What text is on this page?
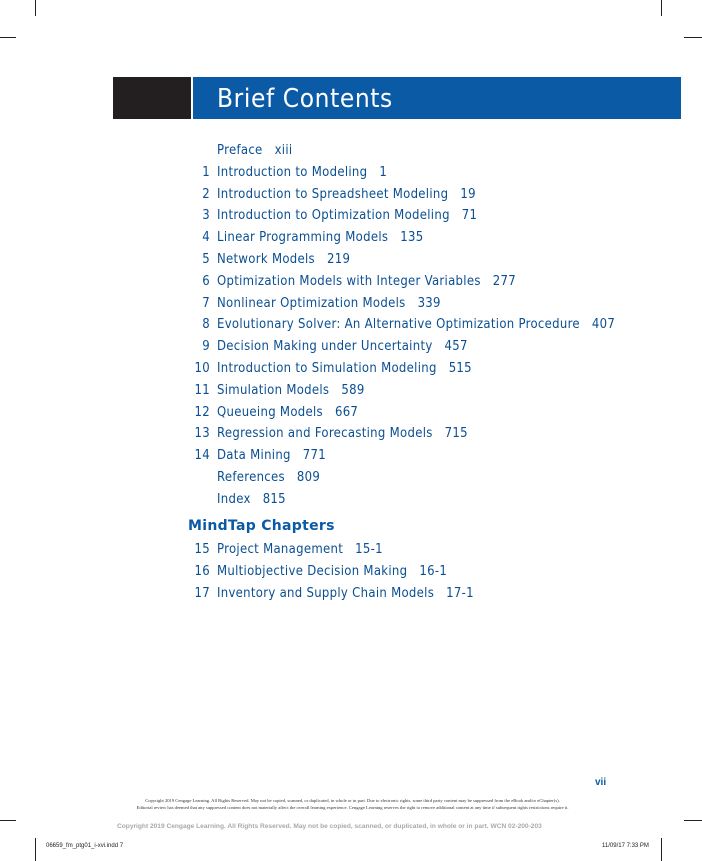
Brief Contents
Preface xiii
1 Introduction to Modeling 1
2 Introduction to Spreadsheet Modeling 19
3 Introduction to Optimization Modeling 71
4 Linear Programming Models 135
5 Network Models 219
6 Optimization Models with Integer Variables 277
7 Nonlinear Optimization Models 339
8 Evolutionary Solver: An Alternative Optimization Procedure 407
9 Decision Making under Uncertainty 457
10 Introduction to Simulation Modeling 515
11 Simulation Models 589
12 Queueing Models 667
13 Regression and Forecasting Models 715
14 Data Mining 771
References 809
Index 815
MindTap Chapters
15 Project Management 15-1
16 Multiobjective Decision Making 16-1
17 Inventory and Supply Chain Models 17-1
vii
Copyright 2019 Cengage Learning. All Rights Reserved. May not be copied, scanned, or duplicated, in whole or in part. Due to electronic rights, some third party content may be suppressed from the eBook and/or eChapter(s).
Editorial review has deemed that any suppressed content does not materially affect the overall learning experience. Cengage Learning reserves the right to remove additional content at any time if subsequent rights restrictions require it.
Copyright 2019 Cengage Learning. All Rights Reserved. May not be copied, scanned, or duplicated, in whole or in part. WCN 02-200-203
06659_fm_ptg01_i-xvi.indd 7	11/09/17 7:33 PM
